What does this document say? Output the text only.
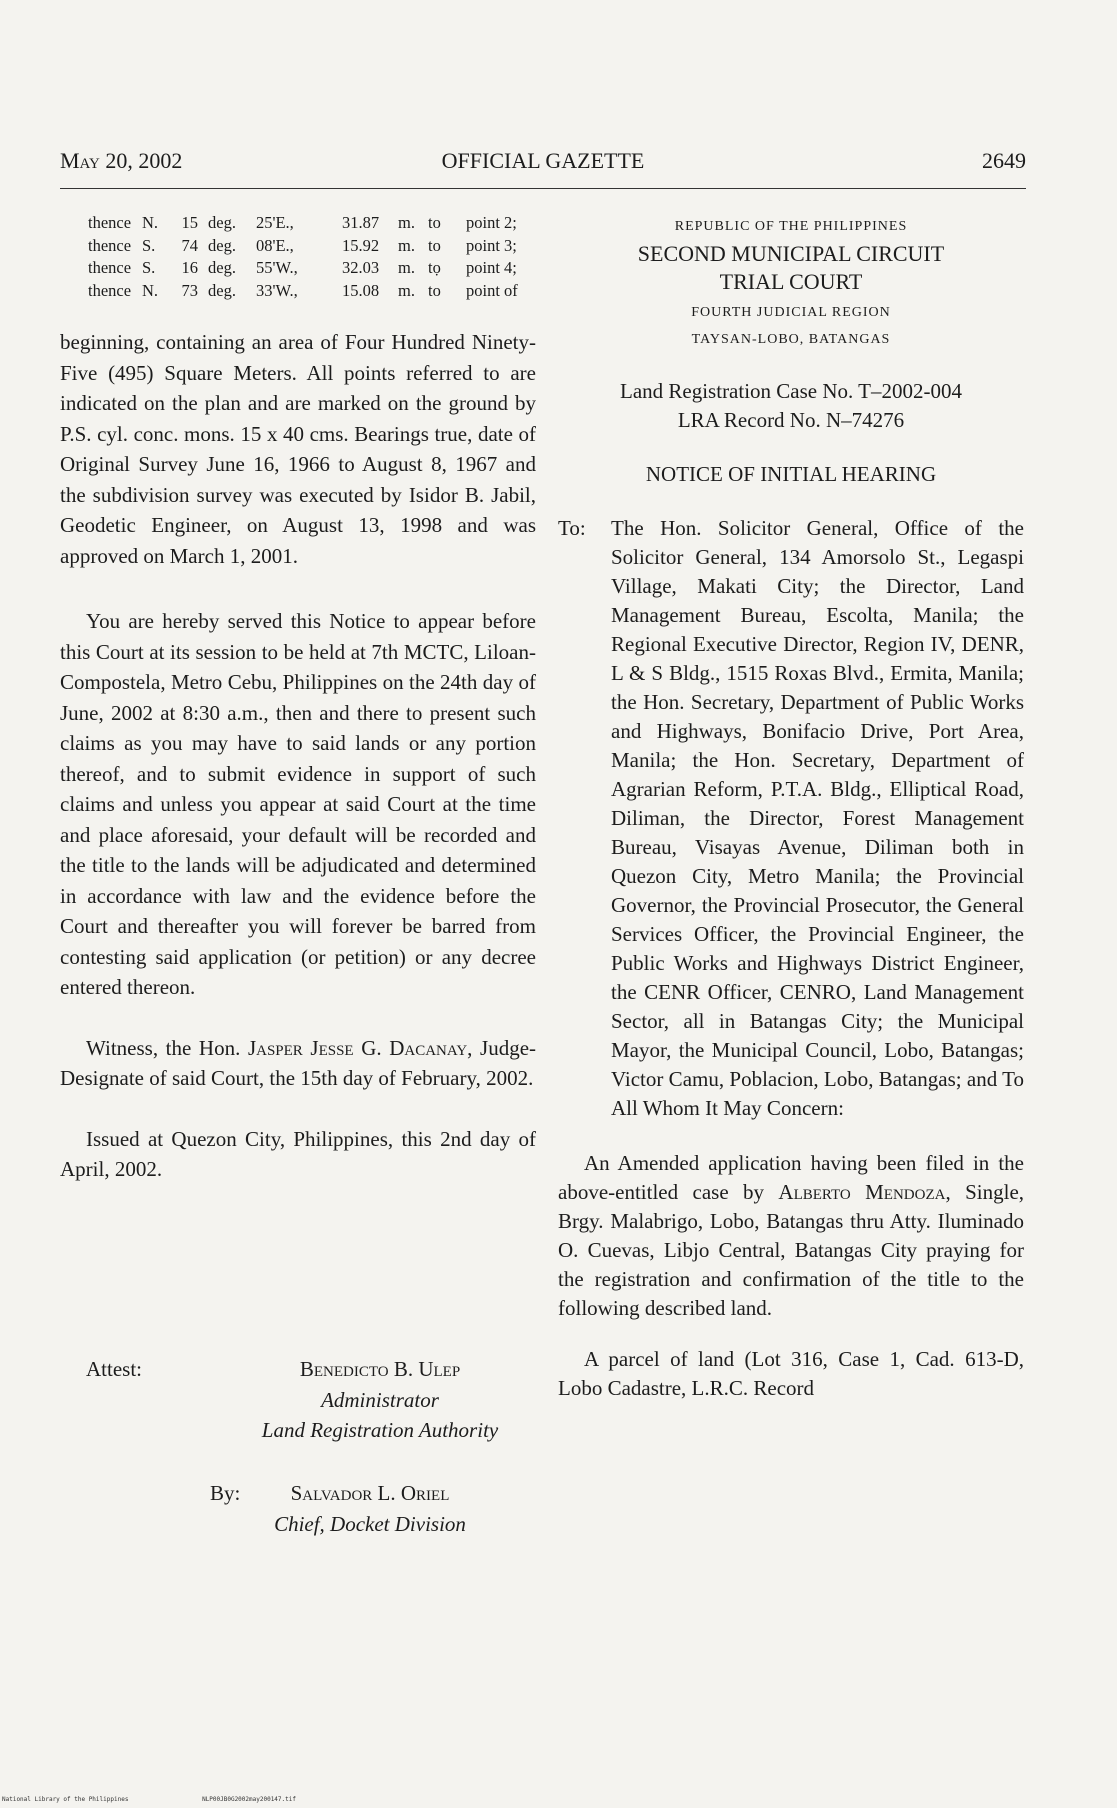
May 20, 2002	OFFICIAL GAZETTE	2649
thence	N.	15	deg.	25'E.,	31.87	m.	to	point 2;
thence	S.	74	deg.	08'E.,	15.92	m.	to	point 3;
thence	S.	16	deg.	55'W.,	32.03	m.	tọ	point 4;
thence	N.	73	deg.	33'W.,	15.08	m.	to	point of

beginning, containing an area of Four Hundred Ninety-Five (495) Square Meters. All points referred to are indicated on the plan and are marked on the ground by P.S. cyl. conc. mons. 15 x 40 cms. Bearings true, date of Original Survey June 16, 1966 to August 8, 1967 and the subdivision survey was executed by Isidor B. Jabil, Geodetic Engineer, on August 13, 1998 and was approved on March 1, 2001.

You are hereby served this Notice to appear before this Court at its session to be held at 7th MCTC, Liloan-Compostela, Metro Cebu, Philippines on the 24th day of June, 2002 at 8:30 a.m., then and there to present such claims as you may have to said lands or any portion thereof, and to submit evidence in support of such claims and unless you appear at said Court at the time and place aforesaid, your default will be recorded and the title to the lands will be adjudicated and determined in accordance with law and the evidence before the Court and thereafter you will forever be barred from contesting said application (or petition) or any decree entered thereon.

Witness, the Hon. Jasper Jesse G. Dacanay, Judge-Designate of said Court, the 15th day of February, 2002.

Issued at Quezon City, Philippines, this 2nd day of April, 2002.

Attest:	Benedicto B. Ulep
Administrator
Land Registration Authority
By:	Salvador L. Oriel
Chief, Docket Division
REPUBLIC OF THE PHILIPPINES
SECOND MUNICIPAL CIRCUIT
TRIAL COURT
FOURTH JUDICIAL REGION
TAYSAN-LOBO, BATANGAS
Land Registration Case No. T–2002-004
LRA Record No. N–74276
NOTICE OF INITIAL HEARING
To: The Hon. Solicitor General, Office of the Solicitor General, 134 Amorsolo St., Legaspi Village, Makati City; the Director, Land Management Bureau, Escolta, Manila; the Regional Executive Director, Region IV, DENR, L & S Bldg., 1515 Roxas Blvd., Ermita, Manila; the Hon. Secretary, Department of Public Works and Highways, Bonifacio Drive, Port Area, Manila; the Hon. Secretary, Department of Agrarian Reform, P.T.A. Bldg., Elliptical Road, Diliman, the Director, Forest Management Bureau, Visayas Avenue, Diliman both in Quezon City, Metro Manila; the Provincial Governor, the Provincial Prosecutor, the General Services Officer, the Provincial Engineer, the Public Works and Highways District Engineer, the CENR Officer, CENRO, Land Management Sector, all in Batangas City; the Municipal Mayor, the Municipal Council, Lobo, Batangas; Victor Camu, Poblacion, Lobo, Batangas; and To All Whom It May Concern:

An Amended application having been filed in the above-entitled case by Alberto Mendoza, Single, Brgy. Malabrigo, Lobo, Batangas thru Atty. Iluminado O. Cuevas, Libjo Central, Batangas City praying for the registration and confirmation of the title to the following described land.

A parcel of land (Lot 316, Case 1, Cad. 613-D, Lobo Cadastre, L.R.C. Record

National Library of the Philippines	NLP00JB0G2002may200147.tif
